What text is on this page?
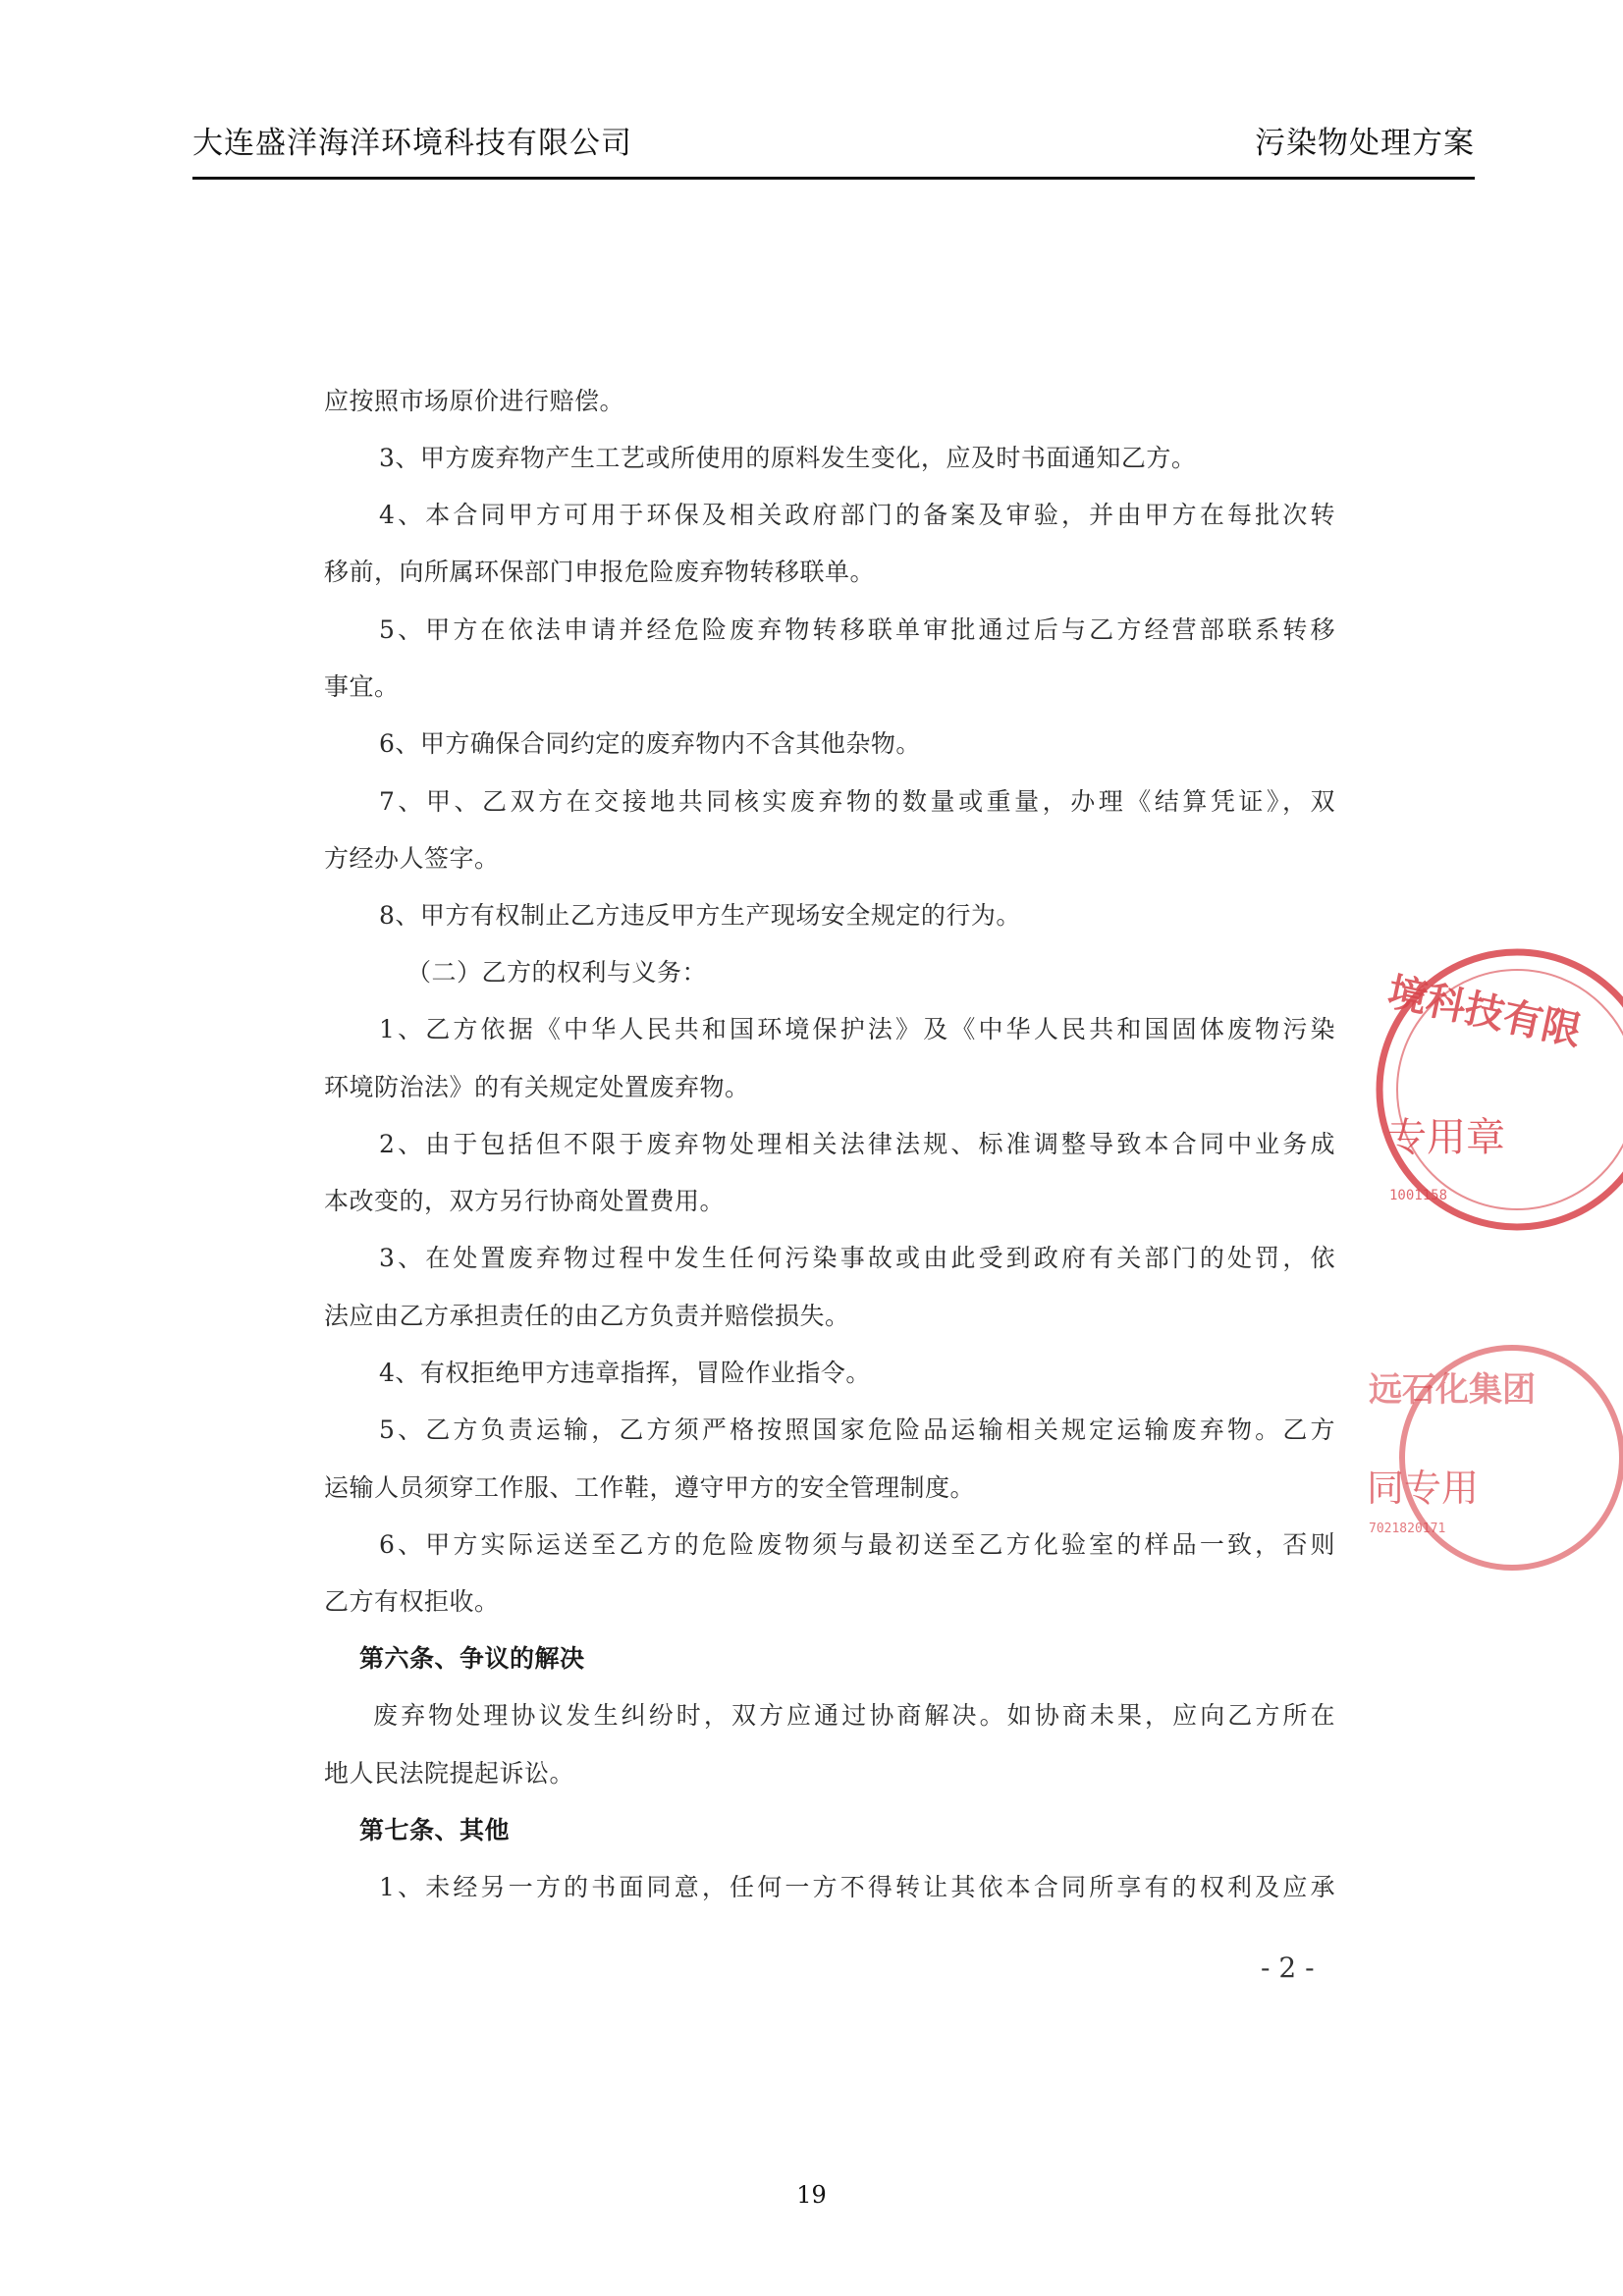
大连盛洋海洋环境科技有限公司	污染物处理方案
应按照市场原价进行赔偿。
3、甲方废弃物产生工艺或所使用的原料发生变化，应及时书面通知乙方。
4、本合同甲方可用于环保及相关政府部门的备案及审验，并由甲方在每批次转
移前，向所属环保部门申报危险废弃物转移联单。
5、甲方在依法申请并经危险废弃物转移联单审批通过后与乙方经营部联系转移
事宜。
6、甲方确保合同约定的废弃物内不含其他杂物。
7、甲、乙双方在交接地共同核实废弃物的数量或重量，办理《结算凭证》，双
方经办人签字。
8、甲方有权制止乙方违反甲方生产现场安全规定的行为。
（二）乙方的权利与义务：
1、乙方依据《中华人民共和国环境保护法》及《中华人民共和国固体废物污染
环境防治法》的有关规定处置废弃物。
2、由于包括但不限于废弃物处理相关法律法规、标准调整导致本合同中业务成
本改变的，双方另行协商处置费用。
3、在处置废弃物过程中发生任何污染事故或由此受到政府有关部门的处罚，依
法应由乙方承担责任的由乙方负责并赔偿损失。
4、有权拒绝甲方违章指挥，冒险作业指令。
5、乙方负责运输，乙方须严格按照国家危险品运输相关规定运输废弃物。乙方
运输人员须穿工作服、工作鞋，遵守甲方的安全管理制度。
6、甲方实际运送至乙方的危险废物须与最初送至乙方化验室的样品一致，否则
乙方有权拒收。
第六条、争议的解决
废弃物处理协议发生纠纷时，双方应通过协商解决。如协商未果，应向乙方所在
地人民法院提起诉讼。
第七条、其他
1、未经另一方的书面同意，任何一方不得转让其依本合同所享有的权利及应承
- 2 -
境科技有限
专用章
1001158
远石化集团
同专用
7021820171
19
